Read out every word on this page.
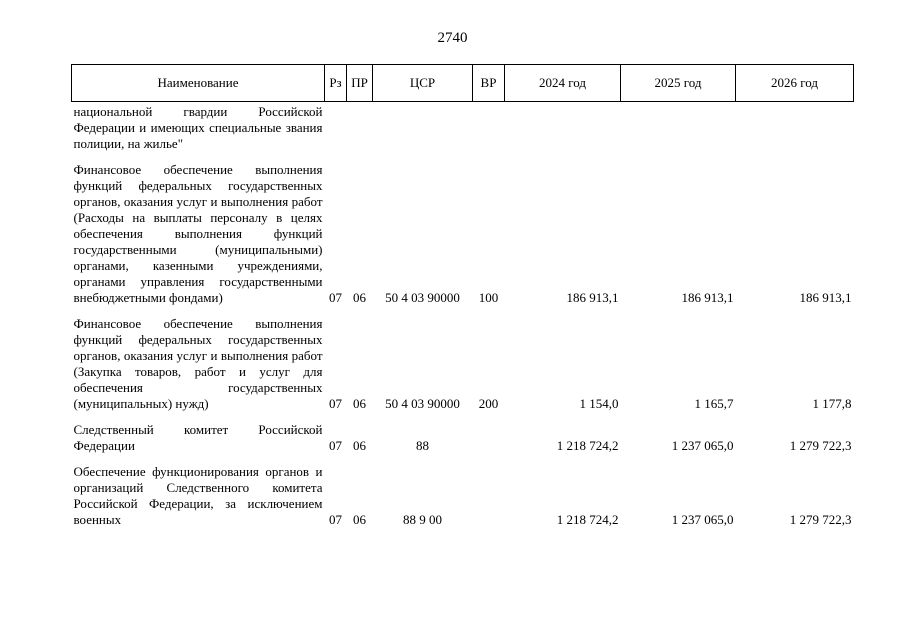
2740
Наименование	Рз	ПР	ЦСР	ВР	2024 год	2025 год	2026 год
национальной гвардии Российской Федерации и имеющих специальные звания полиции, на жилье"							
Финансовое обеспечение выполнения функций федеральных государственных органов, оказания услуг и выполнения работ (Расходы на выплаты персоналу в целях обеспечения выполнения функций государственными (муниципальными) органами, казенными учреждениями, органами управления государственными внебюджетными фондами)	07	06	50 4 03 90000	100	186 913,1	186 913,1	186 913,1
Финансовое обеспечение выполнения функций федеральных государственных органов, оказания услуг и выполнения работ (Закупка товаров, работ и услуг для обеспечения государственных (муниципальных) нужд)	07	06	50 4 03 90000	200	1 154,0	1 165,7	1 177,8
Следственный комитет Российской Федерации	07	06	88		1 218 724,2	1 237 065,0	1 279 722,3
Обеспечение функционирования органов и организаций Следственного комитета Российской Федерации, за исключением военных	07	06	88 9 00		1 218 724,2	1 237 065,0	1 279 722,3
